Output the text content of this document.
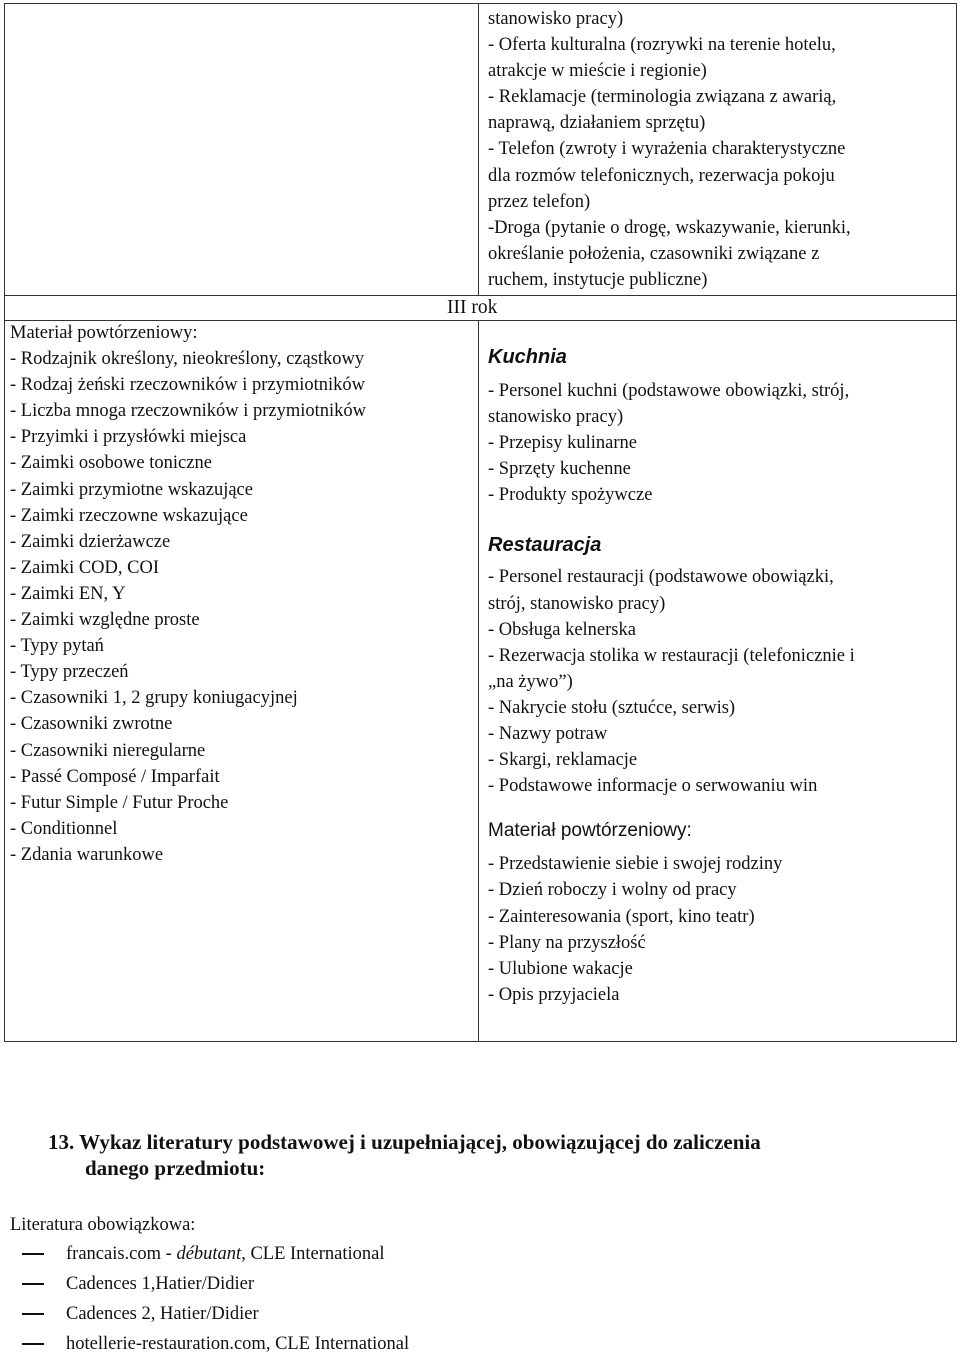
stanowisko pracy)
- Oferta kulturalna (rozrywki na terenie hotelu,
atrakcje w mieście i regionie)
- Reklamacje (terminologia związana z awarią,
naprawą, działaniem sprzętu)
- Telefon (zwroty i wyrażenia charakterystyczne
dla rozmów telefonicznych, rezerwacja pokoju
przez telefon)
-Droga (pytanie o drogę, wskazywanie, kierunki,
określanie położenia, czasowniki związane z
ruchem, instytucje publiczne)
III rok
Materiał powtórzeniowy:
- Rodzajnik określony, nieokreślony, cząstkowy
- Rodzaj żeński rzeczowników i przymiotników
- Liczba mnoga rzeczowników i przymiotników
- Przyimki i przysłówki miejsca
- Zaimki osobowe toniczne
- Zaimki przymiotne wskazujące
- Zaimki rzeczowne wskazujące
- Zaimki dzierżawcze
- Zaimki COD, COI
- Zaimki EN, Y
- Zaimki względne proste
- Typy pytań
- Typy przeczeń
- Czasowniki 1, 2 grupy koniugacyjnej
- Czasowniki zwrotne
- Czasowniki nieregularne
- Passé Composé / Imparfait
- Futur Simple / Futur Proche
- Conditionnel
- Zdania warunkowe
Kuchnia
- Personel kuchni (podstawowe obowiązki, strój,
stanowisko pracy)
- Przepisy kulinarne
- Sprzęty kuchenne
- Produkty spożywcze
Restauracja
- Personel restauracji (podstawowe obowiązki,
strój, stanowisko pracy)
- Obsługa kelnerska
- Rezerwacja stolika w restauracji (telefonicznie i
„na żywo”)
- Nakrycie stołu (sztućce, serwis)
- Nazwy potraw
- Skargi, reklamacje
- Podstawowe informacje o serwowaniu win
Materiał powtórzeniowy:
- Przedstawienie siebie i swojej rodziny
- Dzień roboczy i wolny od pracy
- Zainteresowania (sport, kino teatr)
- Plany na przyszłość
- Ulubione wakacje
- Opis przyjaciela
13. Wykaz literatury podstawowej i uzupełniającej, obowiązującej do zaliczenia
danego przedmiotu:
Literatura obowiązkowa:
francais.com - débutant, CLE International
Cadences 1,Hatier/Didier
Cadences 2, Hatier/Didier
hotellerie-restauration.com, CLE International
